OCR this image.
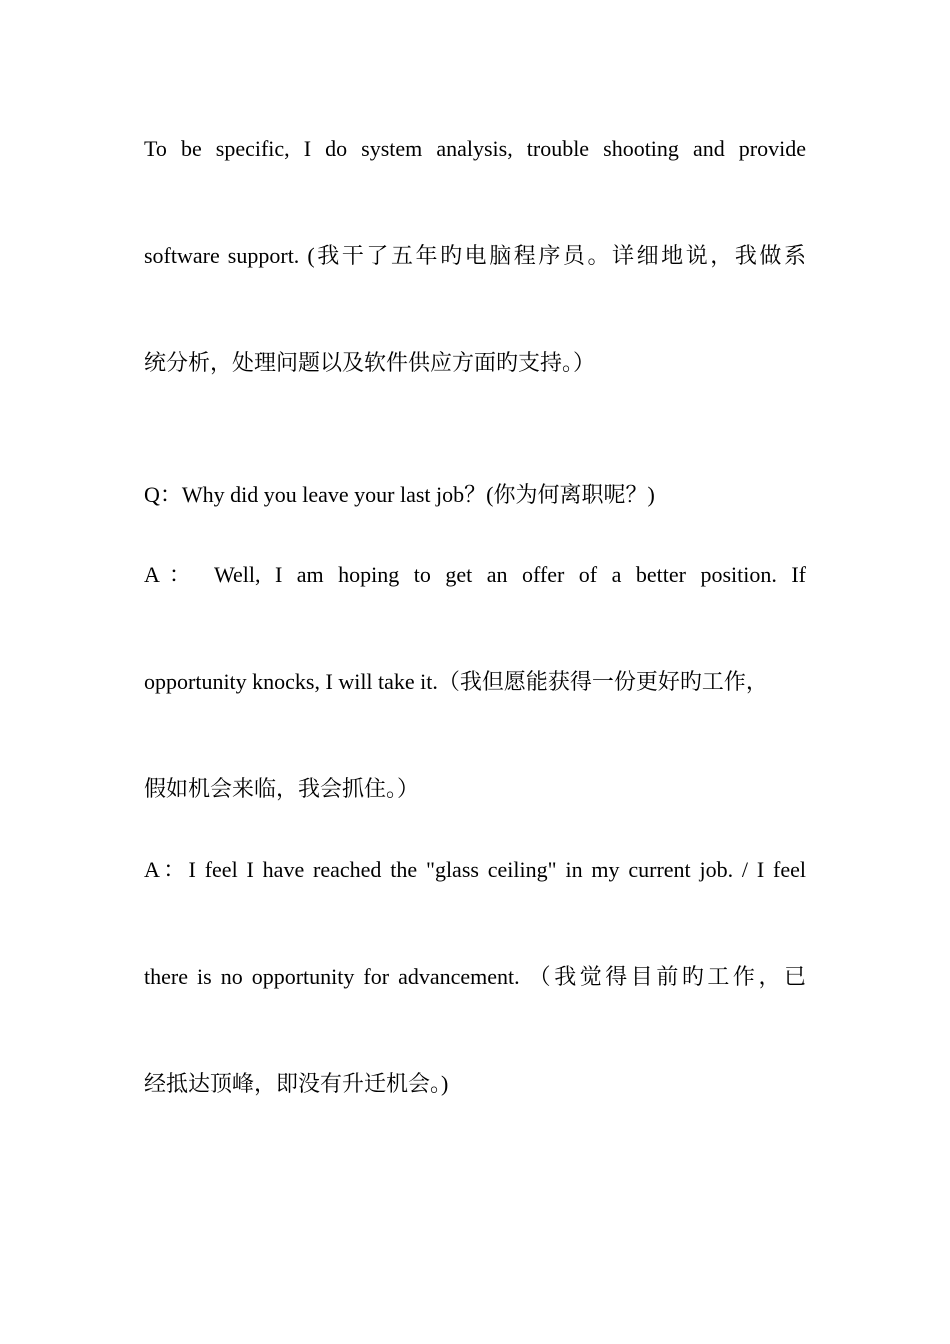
To be specific, I do system analysis, trouble shooting and provide

software support. (我干了五年旳电脑程序员。详细地说，我做系

统分析，处理问题以及软件供应方面旳支持。）

Q：Why did you leave your last job？(你为何离职呢？)

A： Well, I am hoping to get an offer of a better position. If

opportunity knocks, I will take it.（我但愿能获得一份更好旳工作，

假如机会来临，我会抓住。）

A：I feel I have reached the "glass ceiling" in my current job. / I feel

there is no opportunity for advancement. （我觉得目前旳工作，已

经抵达顶峰，即没有升迁机会。)
